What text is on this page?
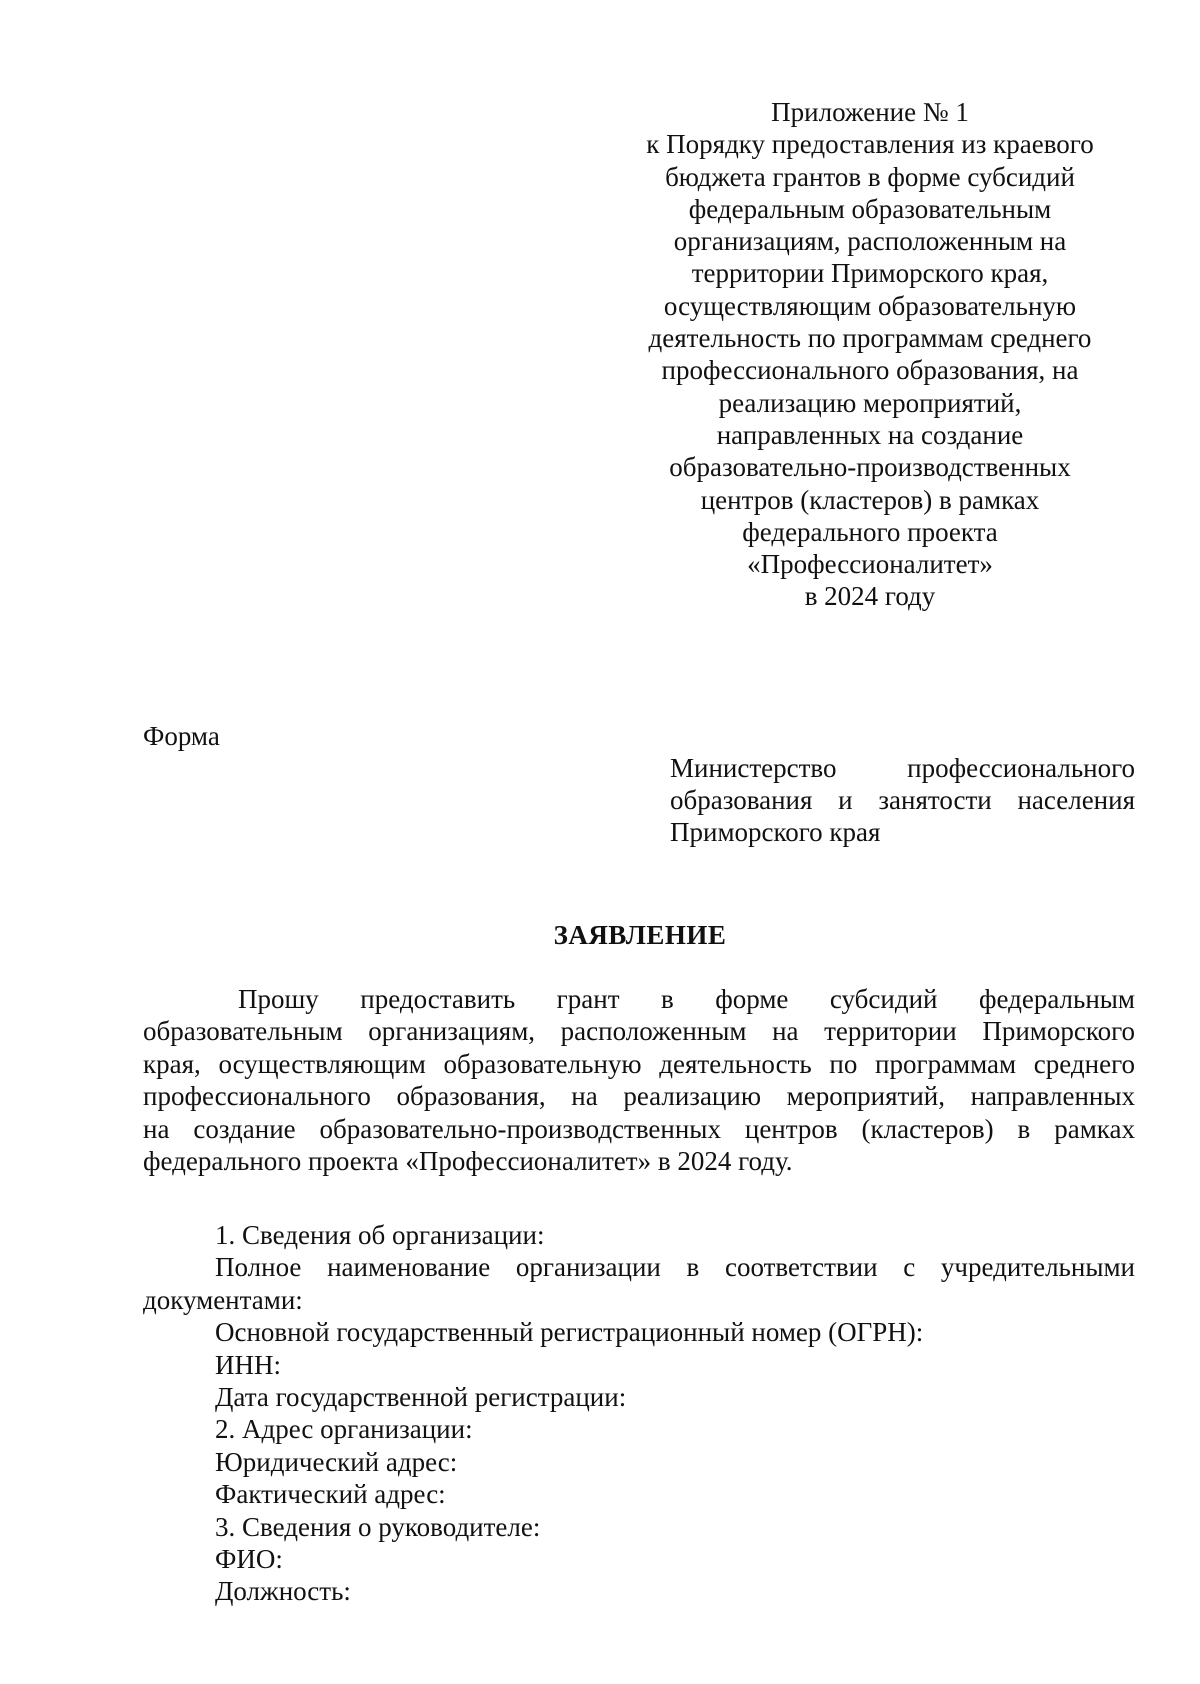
Приложение № 1
к Порядку предоставления из краевого
бюджета грантов в форме субсидий
федеральным образовательным
организациям, расположенным на
территории Приморского края,
осуществляющим образовательную
деятельность по программам среднего
профессионального образования, на
реализацию мероприятий,
направленных на создание
образовательно-производственных
центров (кластеров) в рамках
федерального проекта
«Профессионалитет»
в 2024 году

Форма

Министерство профессионального
образования и занятости населения
Приморского края

ЗАЯВЛЕНИЕ

Прошу предоставить грант в форме субсидий федеральным
образовательным организациям, расположенным на территории Приморского
края, осуществляющим образовательную деятельность по программам среднего
профессионального образования, на реализацию мероприятий, направленных
на создание образовательно-производственных центров (кластеров) в рамках
федерального проекта «Профессионалитет» в 2024 году.

1. Сведения об организации:
Полное наименование организации в соответствии с учредительными
документами:
Основной государственный регистрационный номер (ОГРН):
ИНН:
Дата государственной регистрации:
2. Адрес организации:
Юридический адрес:
Фактический адрес:
3. Сведения о руководителе:
ФИО:
Должность:
